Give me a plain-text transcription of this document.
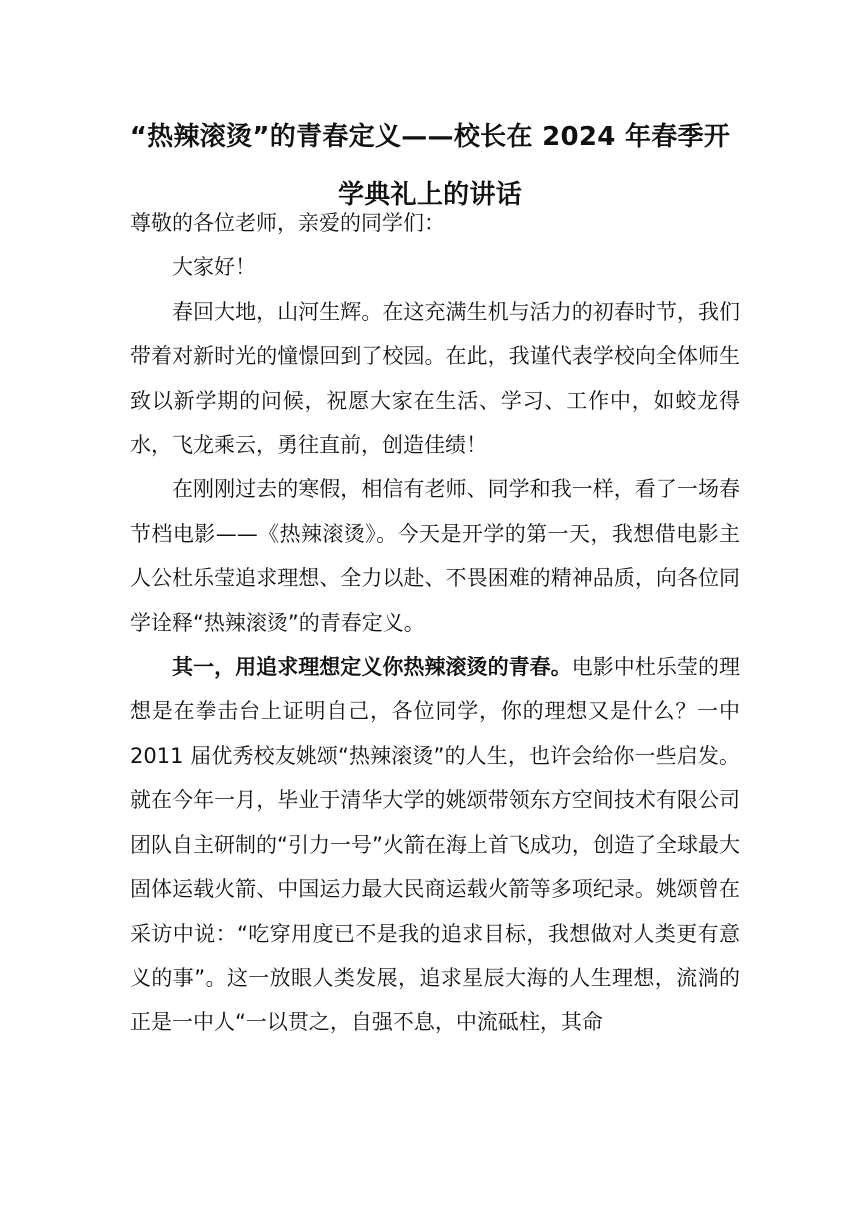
“热辣滚烫”的青春定义——校长在 2024 年春季开学典礼上的讲话

尊敬的各位老师，亲爱的同学们：

大家好！

春回大地，山河生辉。在这充满生机与活力的初春时节，我们带着对新时光的憧憬回到了校园。在此，我谨代表学校向全体师生致以新学期的问候，祝愿大家在生活、学习、工作中，如蛟龙得水，飞龙乘云，勇往直前，创造佳绩！

在刚刚过去的寒假，相信有老师、同学和我一样，看了一场春节档电影——《热辣滚烫》。今天是开学的第一天，我想借电影主人公杜乐莹追求理想、全力以赴、不畏困难的精神品质，向各位同学诠释“热辣滚烫”的青春定义。

其一，用追求理想定义你热辣滚烫的青春。电影中杜乐莹的理想是在拳击台上证明自己，各位同学，你的理想又是什么？一中 2011 届优秀校友姚颂“热辣滚烫”的人生，也许会给你一些启发。就在今年一月，毕业于清华大学的姚颂带领东方空间技术有限公司团队自主研制的“引力一号”火箭在海上首飞成功，创造了全球最大固体运载火箭、中国运力最大民商运载火箭等多项纪录。姚颂曾在采访中说：“吃穿用度已不是我的追求目标，我想做对人类更有意义的事”。这一放眼人类发展，追求星辰大海的人生理想，流淌的正是一中人“一以贯之，自强不息，中流砥柱，其命
